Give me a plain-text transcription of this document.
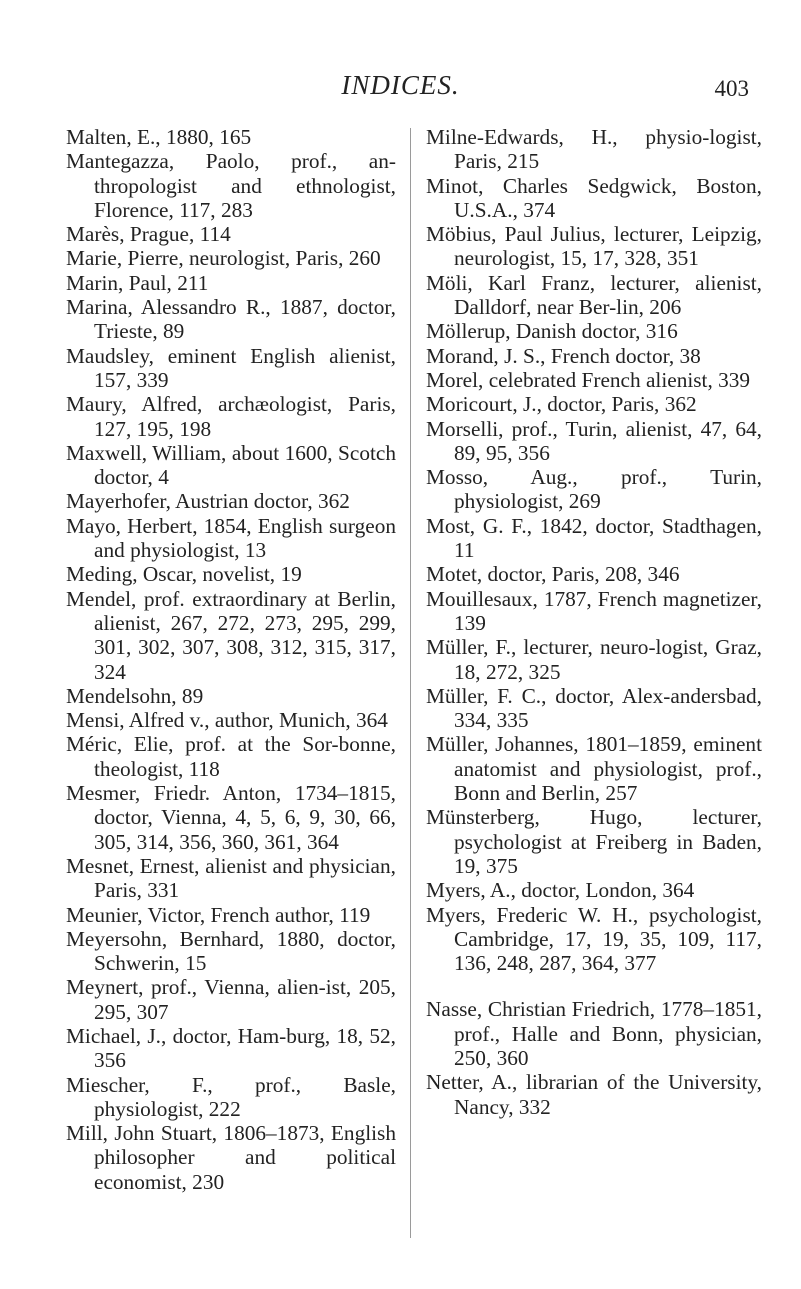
INDICES.	403

Malten, E., 1880, 165

Mantegazza, Paolo, prof., an-thropologist and ethnologist, Florence, 117, 283

Marès, Prague, 114

Marie, Pierre, neurologist, Paris, 260

Marin, Paul, 211

Marina, Alessandro R., 1887, doctor, Trieste, 89

Maudsley, eminent English alienist, 157, 339

Maury, Alfred, archæologist, Paris, 127, 195, 198

Maxwell, William, about 1600, Scotch doctor, 4

Mayerhofer, Austrian doctor, 362

Mayo, Herbert, 1854, English surgeon and physiologist, 13

Meding, Oscar, novelist, 19

Mendel, prof. extraordinary at Berlin, alienist, 267, 272, 273, 295, 299, 301, 302, 307, 308, 312, 315, 317, 324

Mendelsohn, 89

Mensi, Alfred v., author, Munich, 364

Méric, Elie, prof. at the Sor-bonne, theologist, 118

Mesmer, Friedr. Anton, 1734–1815, doctor, Vienna, 4, 5, 6, 9, 30, 66, 305, 314, 356, 360, 361, 364

Mesnet, Ernest, alienist and physician, Paris, 331

Meunier, Victor, French author, 119

Meyersohn, Bernhard, 1880, doctor, Schwerin, 15

Meynert, prof., Vienna, alien-ist, 205, 295, 307

Michael, J., doctor, Ham-burg, 18, 52, 356

Miescher, F., prof., Basle, physiologist, 222

Mill, John Stuart, 1806–1873, English philosopher and political economist, 230

Milne-Edwards, H., physio-logist, Paris, 215

Minot, Charles Sedgwick, Boston, U.S.A., 374

Möbius, Paul Julius, lecturer, Leipzig, neurologist, 15, 17, 328, 351

Möli, Karl Franz, lecturer, alienist, Dalldorf, near Ber-lin, 206

Möllerup, Danish doctor, 316

Morand, J. S., French doctor, 38

Morel, celebrated French alienist, 339

Moricourt, J., doctor, Paris, 362

Morselli, prof., Turin, alienist, 47, 64, 89, 95, 356

Mosso, Aug., prof., Turin, physiologist, 269

Most, G. F., 1842, doctor, Stadthagen, 11

Motet, doctor, Paris, 208, 346

Mouillesaux, 1787, French magnetizer, 139

Müller, F., lecturer, neuro-logist, Graz, 18, 272, 325

Müller, F. C., doctor, Alex-andersbad, 334, 335

Müller, Johannes, 1801–1859, eminent anatomist and physiologist, prof., Bonn and Berlin, 257

Münsterberg, Hugo, lecturer, psychologist at Freiberg in Baden, 19, 375

Myers, A., doctor, London, 364

Myers, Frederic W. H., psychologist, Cambridge, 17, 19, 35, 109, 117, 136, 248, 287, 364, 377

Nasse, Christian Friedrich, 1778–1851, prof., Halle and Bonn, physician, 250, 360

Netter, A., librarian of the University, Nancy, 332
